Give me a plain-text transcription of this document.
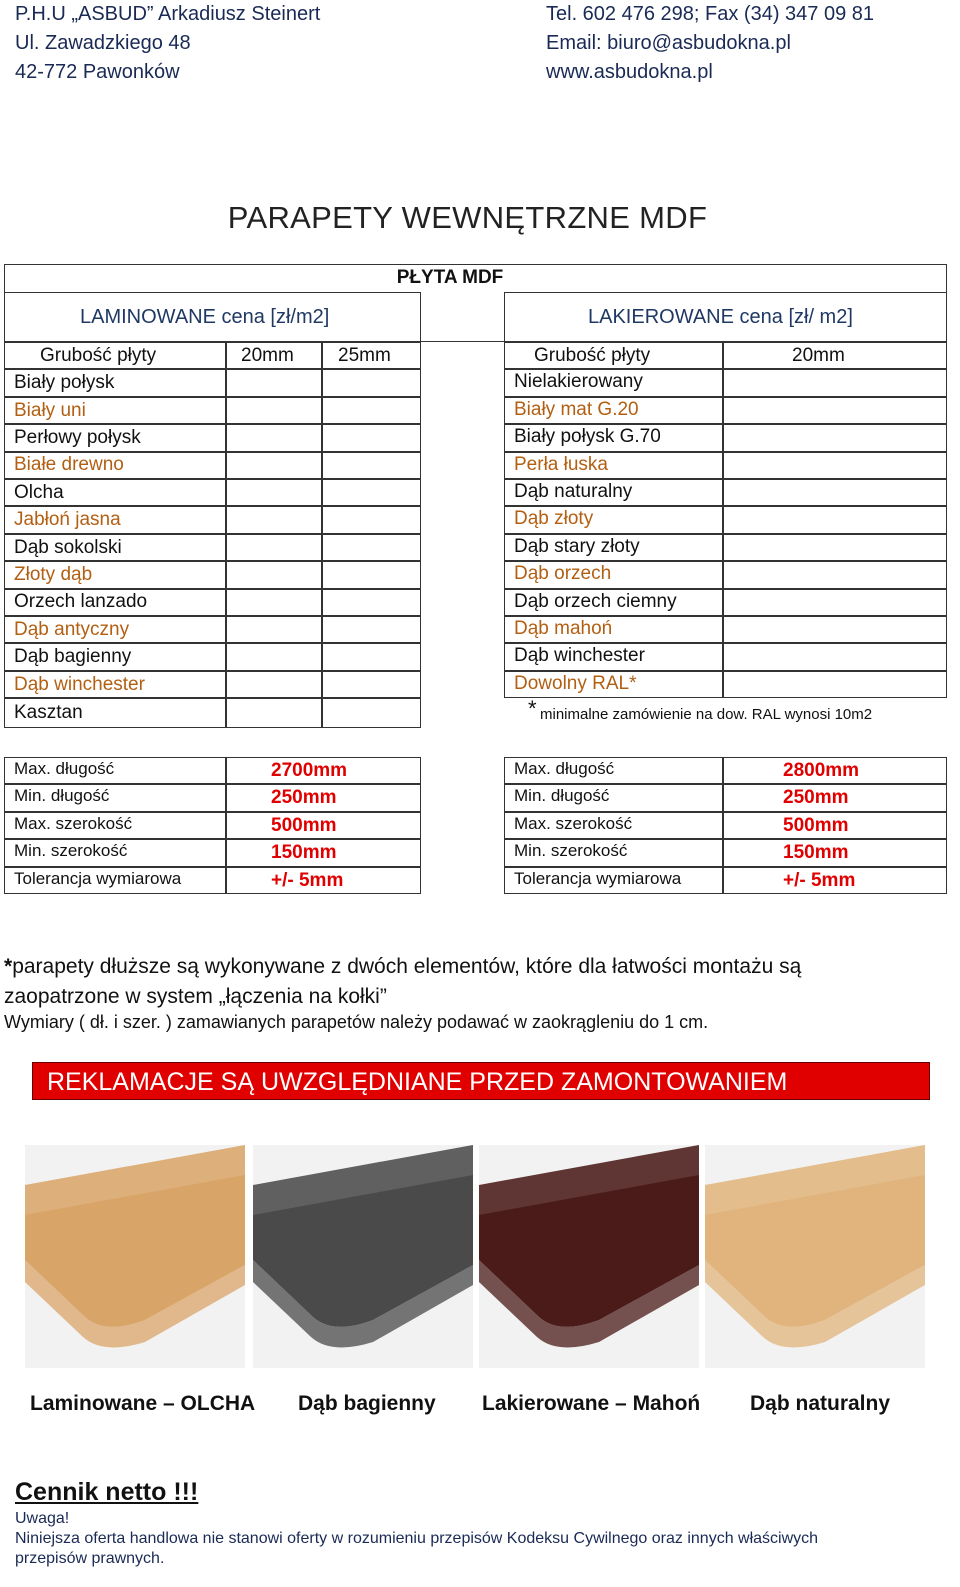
P.H.U „ASBUD” Arkadiusz Steinert
Ul. Zawadzkiego 48
42-772 Pawonków
Tel. 602 476 298; Fax (34) 347 09 81
Email: biuro@asbudokna.pl
www.asbudokna.pl
PARAPETY WEWNĘTRZNE MDF
PŁYTA MDF
LAMINOWANE cena [zł/m2]	LAKIEROWANE cena [zł/ m2]
Grubość płyty	20mm 25mm	Grubość płyty	20mm
Biały połysk
Biały uni
Perłowy połysk
Białe drewno
Olcha
Jabłoń jasna
Dąb sokolski
Złoty dąb
Orzech lanzado
Dąb antyczny
Dąb bagienny
Dąb winchester
Kasztan
Nielakierowany
Biały mat G.20
Biały połysk G.70
Perła łuska
Dąb naturalny
Dąb złoty
Dąb stary złoty
Dąb orzech
Dąb orzech ciemny
Dąb mahoń
Dąb winchester
Dowolny RAL*
* minimalne zamówienie na dow. RAL wynosi 10m2
Max. długość	2700mm
Min. długość	250mm
Max. szerokość	500mm
Min. szerokość	150mm
Tolerancja wymiarowa	+/- 5mm
Max. długość	2800mm
Min. długość	250mm
Max. szerokość	500mm
Min. szerokość	150mm
Tolerancja wymiarowa	+/- 5mm
*parapety dłuższe są wykonywane z dwóch elementów, które dla łatwości montażu są
zaopatrzone w system „łączenia na kołki”
Wymiary ( dł. i szer. ) zamawianych parapetów należy podawać w zaokrągleniu do 1 cm.
REKLAMACJE SĄ UWZGLĘDNIANE PRZED ZAMONTOWANIEM PARAPETÓW
Laminowane – OLCHA Dąb bagienny Lakierowane – Mahoń Dąb naturalny
Cennik netto !!!
Uwaga!
Niniejsza oferta handlowa nie stanowi oferty w rozumieniu przepisów Kodeksu Cywilnego oraz innych właściwych
przepisów prawnych.
